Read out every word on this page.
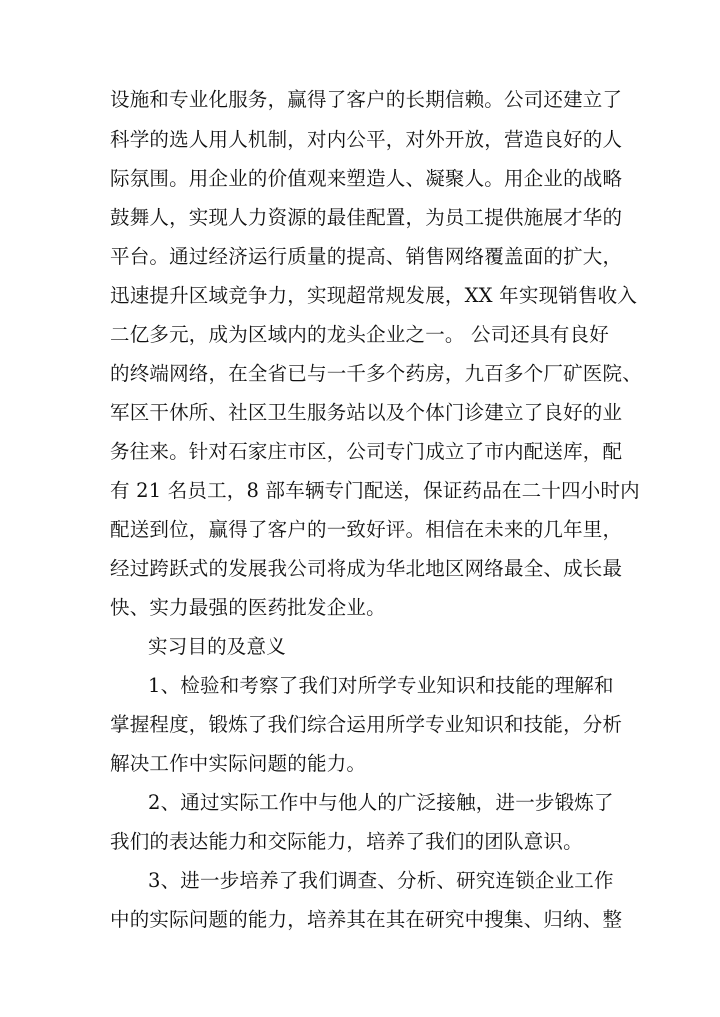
设施和专业化服务，赢得了客户的长期信赖。公司还建立了
科学的选人用人机制，对内公平，对外开放，营造良好的人
际氛围。用企业的价值观来塑造人、凝聚人。用企业的战略
鼓舞人，实现人力资源的最佳配置，为员工提供施展才华的
平台。通过经济运行质量的提高、销售网络覆盖面的扩大，
迅速提升区域竞争力，实现超常规发展，XX 年实现销售收入
二亿多元，成为区域内的龙头企业之一。 公司还具有良好
的终端网络，在全省已与一千多个药房，九百多个厂矿医院、
军区干休所、社区卫生服务站以及个体门诊建立了良好的业
务往来。针对石家庄市区，公司专门成立了市内配送库，配
有 21 名员工，8 部车辆专门配送，保证药品在二十四小时内
配送到位，赢得了客户的一致好评。相信在未来的几年里，
经过跨跃式的发展我公司将成为华北地区网络最全、成长最
快、实力最强的医药批发企业。
实习目的及意义
1、检验和考察了我们对所学专业知识和技能的理解和
掌握程度，锻炼了我们综合运用所学专业知识和技能，分析
解决工作中实际问题的能力。
2、通过实际工作中与他人的广泛接触，进一步锻炼了
我们的表达能力和交际能力，培养了我们的团队意识。
3、进一步培养了我们调查、分析、研究连锁企业工作
中的实际问题的能力，培养其在其在研究中搜集、归纳、整
